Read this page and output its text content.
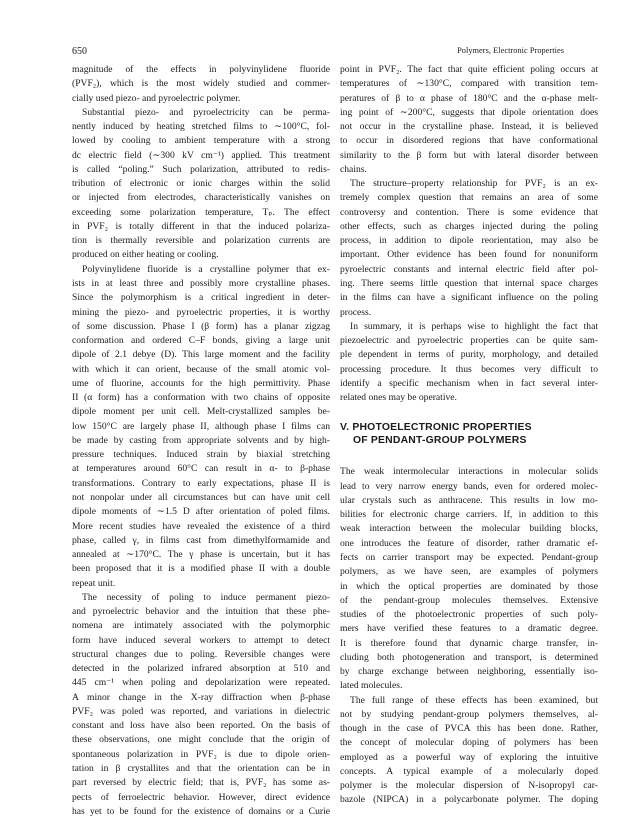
650	Polymers, Electronic Properties
magnitude of the effects in polyvinylidene fluoride
(PVF₂), which is the most widely studied and commer-
cially used piezo- and pyroelectric polymer.
Substantial piezo- and pyroelectricity can be perma-
nently induced by heating stretched films to ∼100°C, fol-
lowed by cooling to ambient temperature with a strong
dc electric field (∼300 kV cm⁻¹) applied. This treatment
is called “poling.” Such polarization, attributed to redis-
tribution of electronic or ionic charges within the solid
or injected from electrodes, characteristically vanishes on
exceeding some polarization temperature, Tₚ. The effect
in PVF₂ is totally different in that the induced polariza-
tion is thermally reversible and polarization currents are
produced on either heating or cooling.
Polyvinylidene fluoride is a crystalline polymer that ex-
ists in at least three and possibly more crystalline phases.
Since the polymorphism is a critical ingredient in deter-
mining the piezo- and pyroelectric properties, it is worthy
of some discussion. Phase I (β form) has a planar zigzag
conformation and ordered C–F bonds, giving a large unit
dipole of 2.1 debye (D). This large moment and the facility
with which it can orient, because of the small atomic vol-
ume of fluorine, accounts for the high permittivity. Phase
II (α form) has a conformation with two chains of opposite
dipole moment per unit cell. Melt-crystallized samples be-
low 150°C are largely phase II, although phase I films can
be made by casting from appropriate solvents and by high-
pressure techniques. Induced strain by biaxial stretching
at temperatures around 60°C can result in α- to β-phase
transformations. Contrary to early expectations, phase II is
not nonpolar under all circumstances but can have unit cell
dipole moments of ∼1.5 D after orientation of poled films.
More recent studies have revealed the existence of a third
phase, called γ, in films cast from dimethylformamide and
annealed at ∼170°C. The γ phase is uncertain, but it has
been proposed that it is a modified phase II with a double
repeat unit.
The necessity of poling to induce permanent piezo-
and pyroelectric behavior and the intuition that these phe-
nomena are intimately associated with the polymorphic
form have induced several workers to attempt to detect
structural changes due to poling. Reversible changes were
detected in the polarized infrared absorption at 510 and
445 cm⁻¹ when poling and depolarization were repeated.
A minor change in the X-ray diffraction when β-phase
PVF₂ was poled was reported, and variations in dielectric
constant and loss have also been reported. On the basis of
these observations, one might conclude that the origin of
spontaneous polarization in PVF₂ is due to dipole orien-
tation in β crystallites and that the orientation can be in
part reversed by electric field; that is, PVF₂ has some as-
pects of ferroelectric behavior. However, direct evidence
has yet to be found for the existence of domains or a Curie
point in PVF₂. The fact that quite efficient poling occurs at
temperatures of ∼130°C, compared with transition tem-
peratures of β to α phase of 180°C and the α-phase melt-
ing point of ∼200°C, suggests that dipole orientation does
not occur in the crystalline phase. Instead, it is believed
to occur in disordered regions that have conformational
similarity to the β form but with lateral disorder between
chains.
The structure–property relationship for PVF₂ is an ex-
tremely complex question that remains an area of some
controversy and contention. There is some evidence that
other effects, such as charges injected during the poling
process, in addition to dipole reorientation, may also be
important. Other evidence has been found for nonuniform
pyroelectric constants and internal electric field after pol-
ing. There seems little question that internal space charges
in the films can have a significant influence on the poling
process.
In summary, it is perhaps wise to highlight the fact that
piezoelectric and pyroelectric properties can be quite sam-
ple dependent in terms of purity, morphology, and detailed
processing procedure. It thus becomes very difficult to
identify a specific mechanism when in fact several inter-
related ones may be operative.
V. PHOTOELECTRONIC PROPERTIES
OF PENDANT-GROUP POLYMERS
The weak intermolecular interactions in molecular solids
lead to very narrow energy bands, even for ordered molec-
ular crystals such as anthracene. This results in low mo-
bilities for electronic charge carriers. If, in addition to this
weak interaction between the molecular building blocks,
one introduces the feature of disorder, rather dramatic ef-
fects on carrier transport may be expected. Pendant-group
polymers, as we have seen, are examples of polymers
in which the optical properties are dominated by those
of the pendant-group molecules themselves. Extensive
studies of the photoelectronic properties of such poly-
mers have verified these features to a dramatic degree.
It is therefore found that dynamic charge transfer, in-
cluding both photogeneration and transport, is determined
by charge exchange between neighboring, essentially iso-
lated molecules.
The full range of these effects has been examined, but
not by studying pendant-group polymers themselves, al-
though in the case of PVCA this has been done. Rather,
the concept of molecular doping of polymers has been
employed as a powerful way of exploring the intuitive
concepts. A typical example of a molecularly doped
polymer is the molecular dispersion of N-isopropyl car-
bazole (NIPCA) in a polycarbonate polymer. The doping
